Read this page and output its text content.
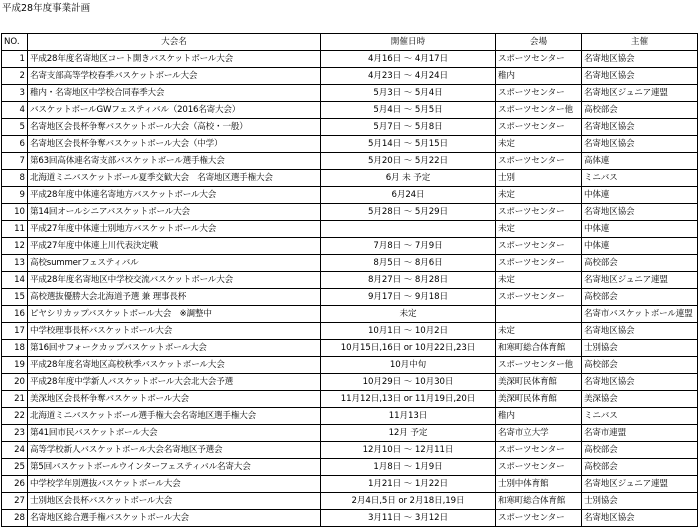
平成28年度事業計画
NO.	大会名	開催日時	会場	主催
1	平成28年度名寄地区コート開きバスケットボール大会	4月16日 ～ 4月17日	スポーツセンター	名寄地区協会
2	名寄支部高等学校春季バスケットボール大会	4月23日 ～ 4月24日	稚内	名寄地区協会
3	稚内・名寄地区中学校合同春季大会	5月3日 ～ 5月4日	スポーツセンター	名寄地区ジュニア連盟
4	バスケットボールGWフェスティバル（2016名寄大会）	5月4日 ～ 5月5日	スポーツセンター他	高校部会
5	名寄地区会長杯争奪バスケットボール大会（高校・一般）	5月7日 ～ 5月8日	スポーツセンター	名寄地区協会
6	名寄地区会長杯争奪バスケットボール大会（中学）	5月14日 ～ 5月15日	未定	名寄地区協会
7	第63回高体連名寄支部バスケットボール選手権大会	5月20日 ～ 5月22日	スポーツセンター	高体連
8	北海道ミニバスケットボール夏季交歓大会　名寄地区選手権大会	6月 未 予定	士別	ミニバス
9	平成28年度中体連名寄地方バスケットボール大会	6月24日	未定	中体連
10	第14回オールシニアバスケットボール大会	5月28日 ～ 5月29日	スポーツセンター	名寄地区協会
11	平成27年度中体連士別地方バスケットボール大会		未定	中体連
12	平成27年度中体連上川代表決定戦	7月8日 ～ 7月9日	スポーツセンター	中体連
13	高校summerフェスティバル	8月5日 ～ 8月6日	スポーツセンター	高校部会
14	平成28年度名寄地区中学校交流バスケットボール大会	8月27日 ～ 8月28日	未定	名寄地区ジュニア連盟
15	高校選抜優勝大会北海道予選 兼 理事長杯	9月17日 ～ 9月18日	スポーツセンター	高校部会
16	ピヤシリカップバスケットボール大会　※調整中	未定		名寄市バスケットボール連盟
17	中学校理事長杯バスケットボール大会	10月1日 ～ 10月2日	未定	名寄地区協会
18	第16回サフォークカップバスケットボール大会	10月15日,16日 or 10月22日,23日	和寒町総合体育館	士別協会
19	平成28年度名寄地区高校秋季バスケットボール大会	10月中旬	スポーツセンター他	高校部会
20	平成28年度中学新人バスケットボール大会北大会予選	10月29日 ～ 10月30日	美深町民体育館	名寄地区協会
21	美深地区会長杯争奪バスケットボール大会	11月12日,13日 or 11月19日,20日	美深町民体育館	美深協会
22	北海道ミニバスケットボール選手権大会名寄地区選手権大会	11月13日	稚内	ミニバス
23	第41回市民バスケットボール大会	12月 予定	名寄市立大学	名寄市連盟
24	高等学校新人バスケットボール大会名寄地区予選会	12月10日 ～ 12月11日	スポーツセンター	高校部会
25	第5回バスケットボールウインターフェスティバル名寄大会	1月8日 ～ 1月9日	スポーツセンター	高校部会
26	中学校学年別選抜バスケットボール大会	1月21日 ～ 1月22日	士別中体育館	名寄地区ジュニア連盟
27	士別地区会長杯バスケットボール大会	2月4日,5日 or 2月18日,19日	和寒町総合体育館	士別協会
28	名寄地区総合選手権バスケットボール大会	3月11日 ～ 3月12日	スポーツセンター	名寄地区協会
